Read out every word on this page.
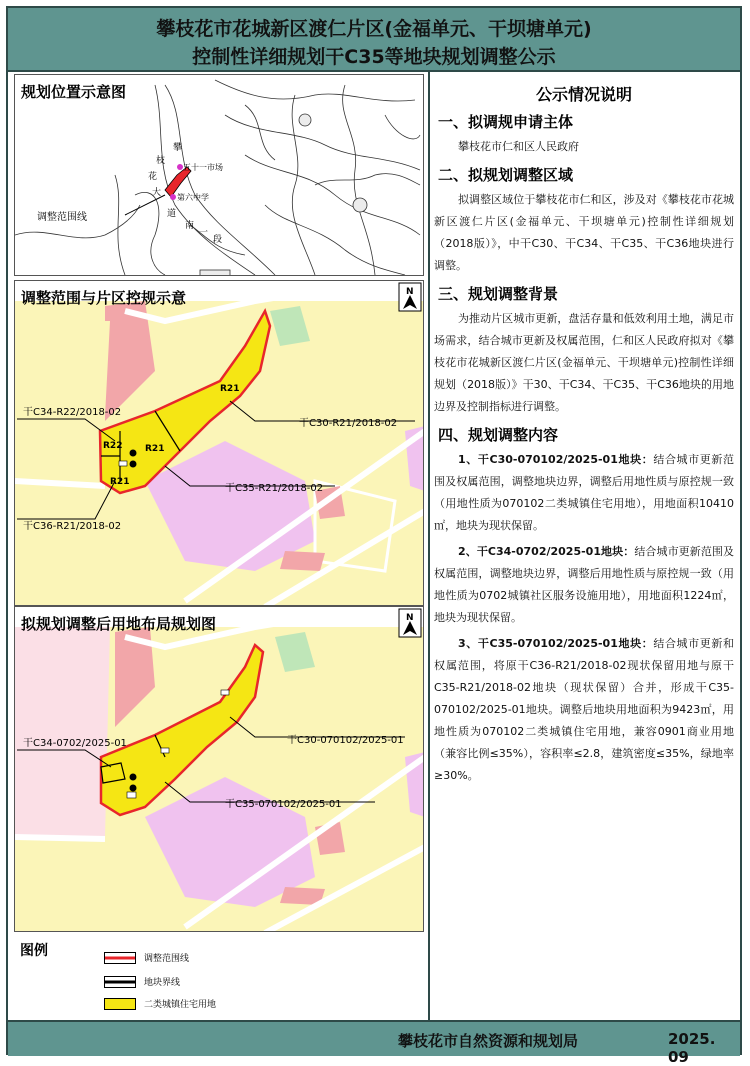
攀枝花市花城新区渡仁片区(金福单元、干坝塘单元)
控制性详细规划干C35等地块规划调整公示
规划位置示意图
五十一市场
第六中学
攀
枝
花
大
道
南
一
段
调整范围线
调整范围与片区控规示意
R21
R22	R21
R21
干C34-R22/2018-02
干C30-R21/2018-02
干C35-R21/2018-02
干C36-R21/2018-02
N
拟规划调整后用地布局规划图
干C34-0702/2025-01	干C30-070102/2025-01
干C35-070102/2025-01
N
图例	调整范围线
地块界线
二类城镇住宅用地
公示情况说明
一、拟调规申请主体

攀枝花市仁和区人民政府

二、拟规划调整区域

拟调整区域位于攀枝花市仁和区，涉及对《攀枝花市花城新区渡仁片区(金福单元、干坝塘单元)控制性详细规划（2018版）》，中干C30、干C34、干C35、干C36地块进行调整。

三、规划调整背景

为推动片区城市更新，盘活存量和低效利用土地，满足市场需求，结合城市更新及权属范围，仁和区人民政府拟对《攀枝花市花城新区渡仁片区(金福单元、干坝塘单元)控制性详细规划（2018版）》干30、干C34、干C35、干C36地块的用地边界及控制指标进行调整。

四、规划调整内容

1、干C30-070102/2025-01地块：结合城市更新范围及权属范围，调整地块边界，调整后用地性质与原控规一致（用地性质为070102二类城镇住宅用地），用地面积10410㎡，地块为现状保留。

2、干C34-0702/2025-01地块：结合城市更新范围及权属范围，调整地块边界，调整后用地性质与原控规一致（用地性质为0702城镇社区服务设施用地），用地面积1224㎡，地块为现状保留。

3、干C35-070102/2025-01地块：结合城市更新和权属范围，将原干C36-R21/2018-02现状保留用地与原干C35-R21/2018-02地块（现状保留）合并，形成干C35-070102/2025-01地块。调整后地块用地面积为9423㎡，用地性质为070102二类城镇住宅用地，兼容0901商业用地（兼容比例≤35%），容积率≤2.8，建筑密度≤35%，绿地率≥30%。

攀枝花市自然资源和规划局	2025. 09
